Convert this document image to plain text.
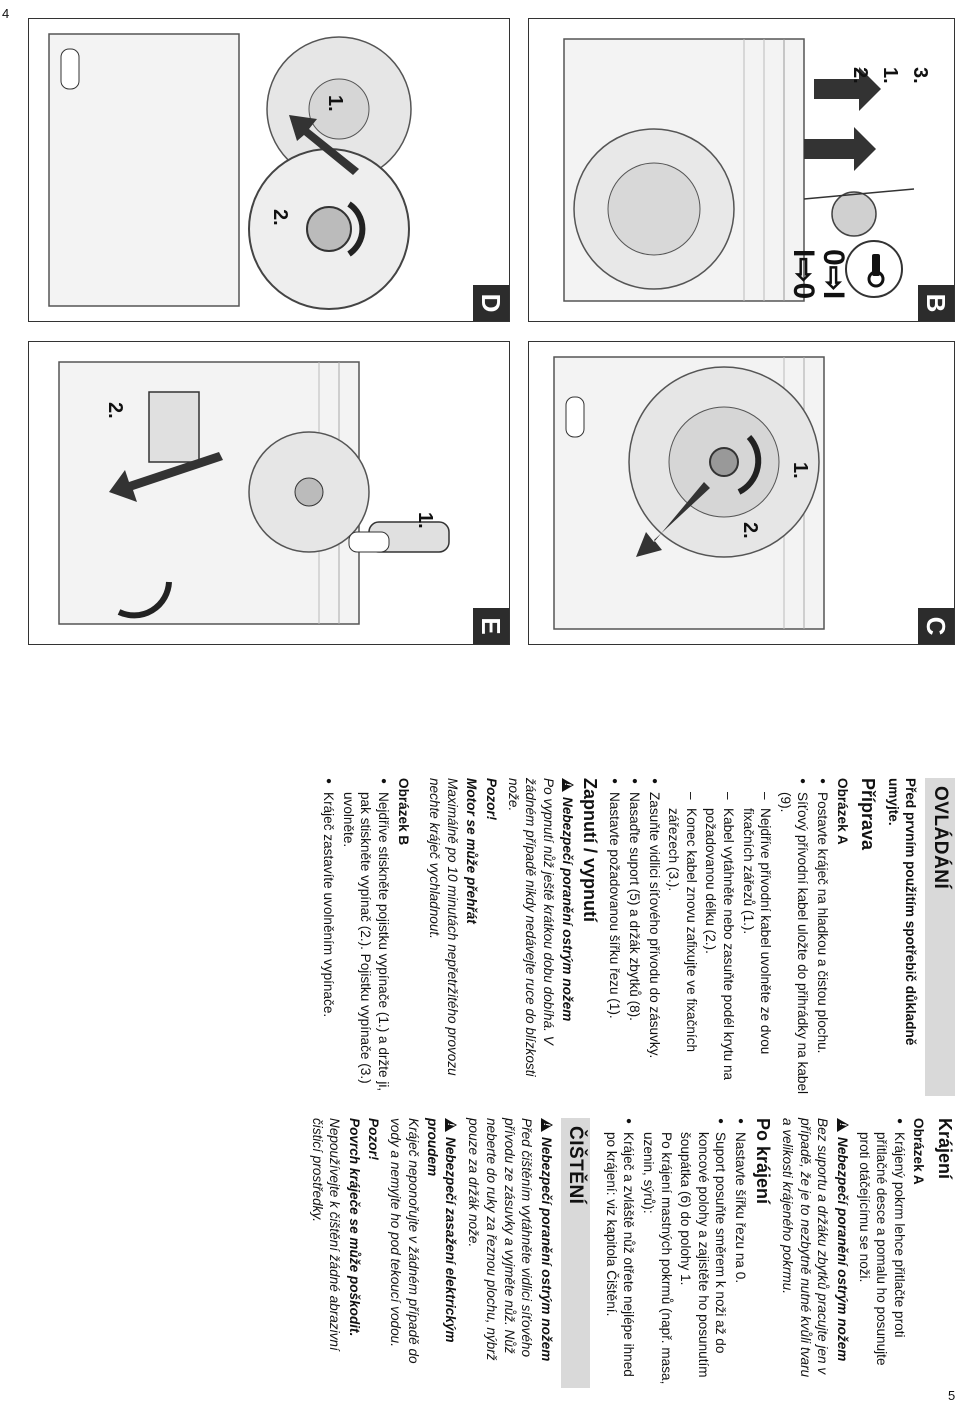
4
5
3.
1.
2.
0⇨I
I⇨0
B
1.
2.
C
1.
2.
D
1.
2.
E
OVLÁDÁNÍ
Před prvním použitím spotřebič důkladně umyjte.
Příprava
Obrázek A
● Postavte kráječ na hladkou a čistou plochu.
● Síťový přívodní kabel uložte do přihrádky na kabel (9).
– Nejdříve přívodní kabel uvolněte ze dvou fixačních zářezů (1.).
– Kabel vytáhněte nebo zasuňte podél krytu na požadovanou délku (2.).
– Konec kabel znovu zafixujte ve fixačních zářezech (3.).
● Zasuňte vidlici síťového přívodu do zásuvky.
● Nasaďte suport (5) a držák zbytků (8).
● Nastavte požadovanou šířku řezu (1).
Zapnutí / vypnutí
!Nebezpečí poranění ostrým nožem
Po vypnutí nůž ještě krátkou dobu dobíhá. V žádném případě nikdy nedávejte ruce do blízkosti nože.
Pozor!
Motor se může přehřát
Maximálně po 10 minutách nepřetržitého provozu nechte kráječ vychladnout.
Obrázek B
● Nejdříve stiskněte pojistku vypínače (1.) a držte ji, pak stiskněte vypínač (2.). Pojistku vypínače (3.) uvolněte.
● Kráječ zastavíte uvolněním vypínače.
Krájení
Obrázek A
● Krájený pokrm lehce přitlačte proti přítlačné desce a pomalu ho posunujte proti otáčejícímu se noži.
!Nebezpečí poranění ostrým nožem
Bez suportu a držáku zbytků pracujte jen v případě, že je to nezbytně nutné kvůli tvaru a velikosti krájeného pokrmu.
Po krájení
● Nastavte šířku řezu na 0.
● Suport posuňte směrem k noži až do koncové polohy a zajistěte ho posunutím šoupátka (6) do polohy 1.
Po krájení mastných pokrmů (např. masa, uzenin, sýrů):
● Kráječ a zvláště nůž otřete nejlépe ihned po krájení: viz kapitola Čištění.
ČIŠTĚNÍ
!Nebezpečí poranění ostrým nožem
Před čištěním vytáhněte vidlici síťového přívodu ze zásuvky a vyjměte nůž. Nůž neberte do ruky za řeznou plochu, nýbrž pouze za držák nože.
!Nebezpečí zasažení elektrickým proudem
Kráječ neponořujte v žádném případě do vody a nemyjte ho pod tekoucí vodou.
Pozor!
Povrch kráječe se může poškodit.
Nepoužívejte k čištění žádné abrazivní čisticí prostředky.
